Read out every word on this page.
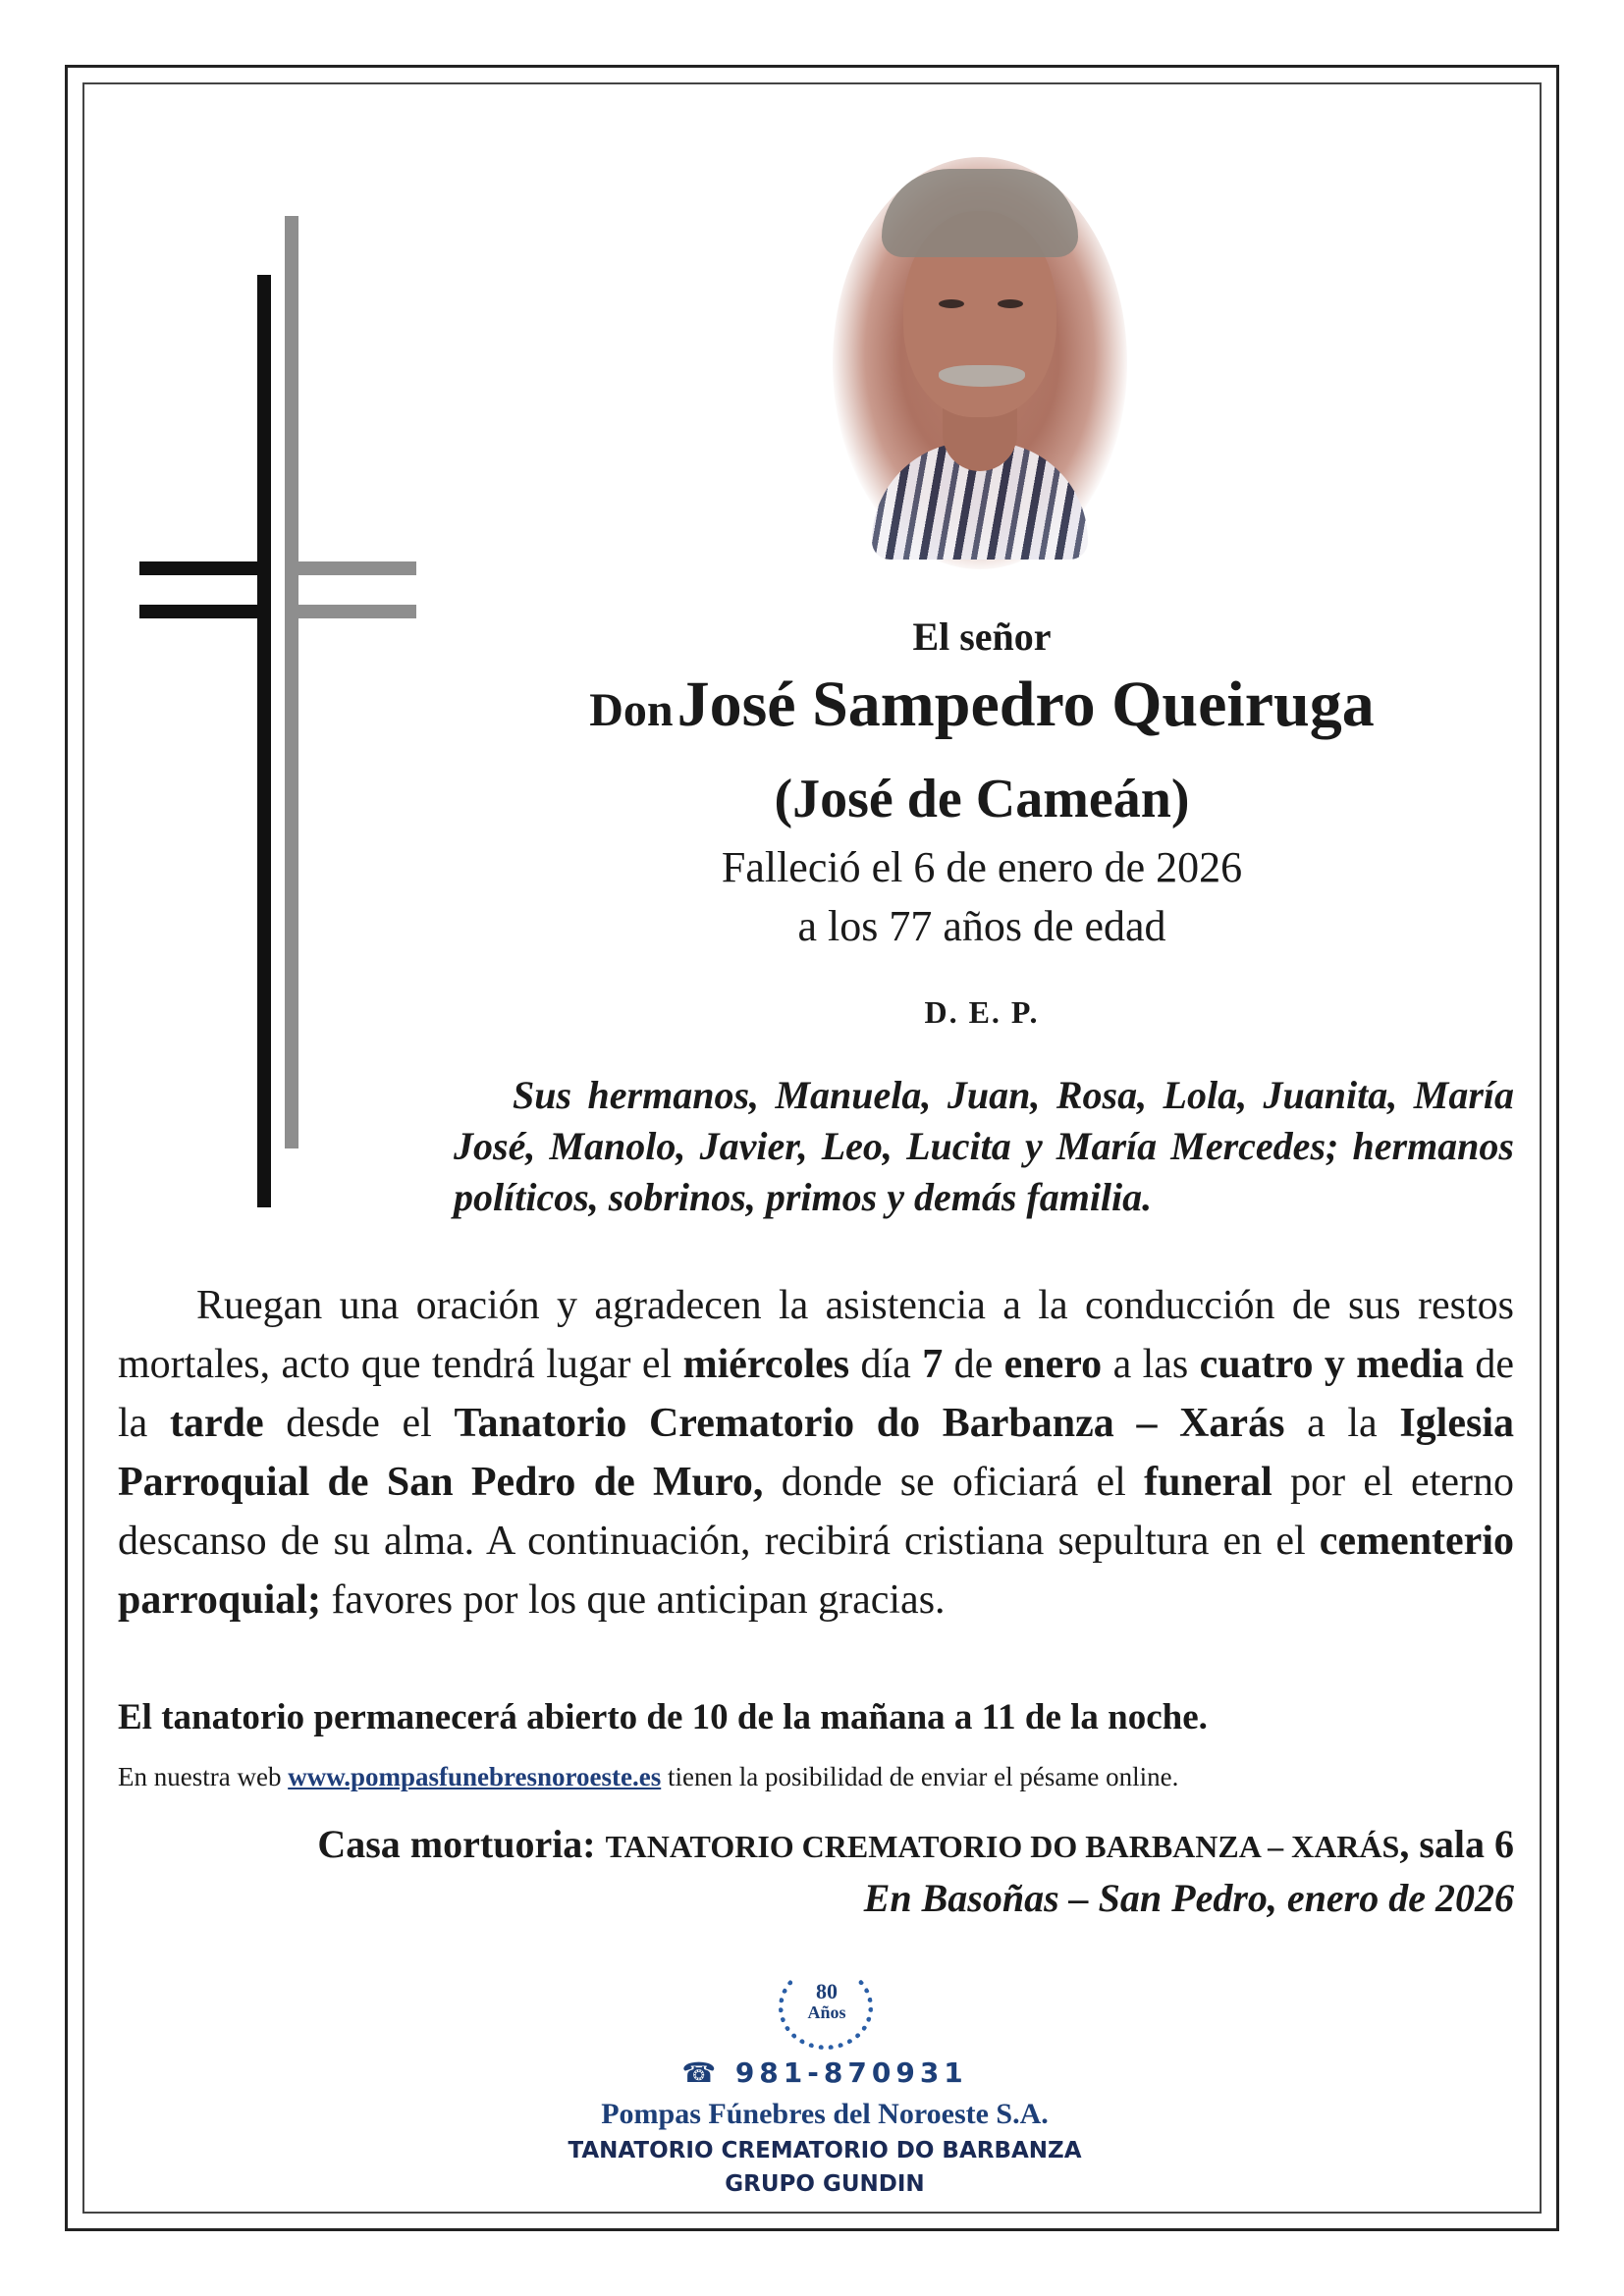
El señor
Don José Sampedro Queiruga
(José de Cameán)
Falleció el 6 de enero de 2026
a los 77 años de edad
D. E. P.
Sus hermanos, Manuela, Juan, Rosa, Lola, Juanita, María José, Manolo, Javier, Leo, Lucita y María Mercedes; hermanos políticos, sobrinos, primos y demás familia.
Ruegan una oración y agradecen la asistencia a la conducción de sus restos mortales, acto que tendrá lugar el miércoles día 7 de enero a las cuatro y media de la tarde desde el Tanatorio Crematorio do Barbanza – Xarás a la Iglesia Parroquial de San Pedro de Muro, donde se oficiará el funeral por el eterno descanso de su alma. A continuación, recibirá cristiana sepultura en el cementerio parroquial; favores por los que anticipan gracias.
El tanatorio permanecerá abierto de 10 de la mañana a 11 de la noche.
En nuestra web www.pompasfunebresnoroeste.es tienen la posibilidad de enviar el pésame online.
Casa mortuoria: TANATORIO CREMATORIO DO BARBANZA – XARÁS, sala 6
En Basoñas – San Pedro, enero de 2026
80
Años
☎ 981-870931
Pompas Fúnebres del Noroeste S.A.
TANATORIO CREMATORIO DO BARBANZA
GRUPO GUNDIN
